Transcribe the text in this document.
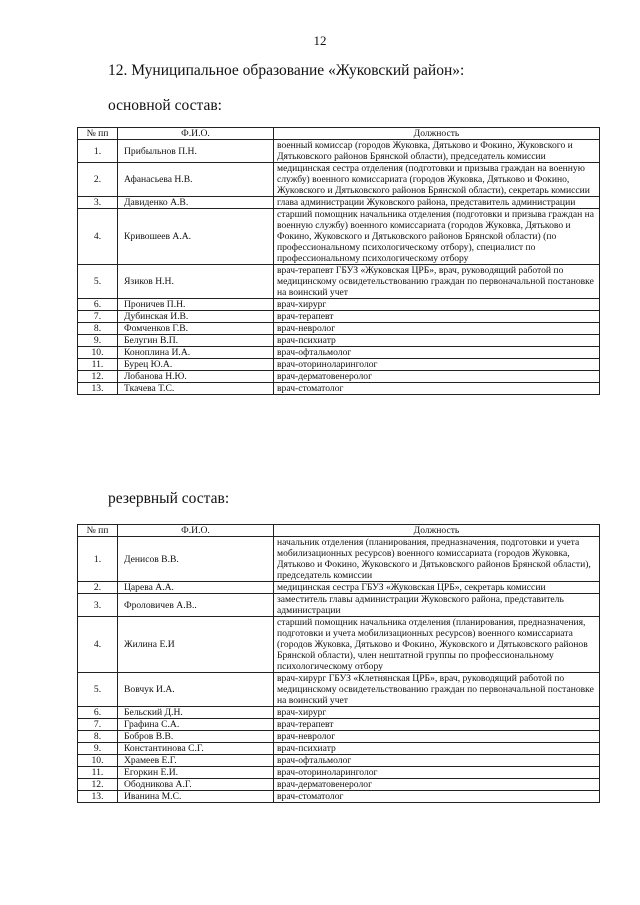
12
12. Муниципальное образование «Жуковский район»:
основной состав:
№ пп	Ф.И.О.	Должность
1.	Прибыльнов П.Н.	военный комиссар (городов Жуковка, Дятьково и Фокино, Жуковского и Дятьковского районов Брянской области), председатель комиссии
2.	Афанасьева Н.В.	медицинская сестра отделения (подготовки и призыва граждан на военную службу) военного комиссариата (городов Жуковка, Дятьково и Фокино, Жуковского и Дятьковского районов Брянской области), секретарь комиссии
3.	Давиденко А.В.	глава администрации Жуковского района, представитель администрации
4.	Кривошеев А.А.	старший помощник начальника отделения (подготовки и призыва граждан на военную службу) военного комиссариата (городов Жуковка, Дятьково и Фокино, Жуковского и Дятьковского районов Брянской области) (по профессиональному психологическому отбору), специалист по профессиональному психологическому отбору
5.	Язиков Н.Н.	врач-терапевт ГБУЗ «Жуковская ЦРБ», врач, руководящий работой по медицинскому освидетельствованию граждан по первоначальной постановке на воинский учет
6.	Проничев П.Н.	врач-хирург
7.	Дубинская И.В.	врач-терапевт
8.	Фомченков Г.В.	врач-невролог
9.	Белугин В.П.	врач-психиатр
10.	Коноплина И.А.	врач-офтальмолог
11.	Бурец Ю.А.	врач-оториноларинголог
12.	Лобанова Н.Ю.	врач-дерматовенеролог
13.	Ткачева Т.С.	врач-стоматолог
резервный состав:
№ пп	Ф.И.О.	Должность
1.	Денисов В.В.	начальник отделения (планирования, предназначения, подготовки и учета мобилизационных ресурсов) военного комиссариата (городов Жуковка, Дятьково и Фокино, Жуковского и Дятьковского районов Брянской области), председатель комиссии
2.	Царева А.А.	медицинская сестра ГБУЗ «Жуковская ЦРБ», секретарь комиссии
3.	Фроловичев А.В..	заместитель главы администрации Жуковского района, представитель администрации
4.	Жилина Е.И	старший помощник начальника отделения (планирования, предназначения, подготовки и учета мобилизационных ресурсов) военного комиссариата (городов Жуковка, Дятьково и Фокино, Жуковского и Дятьковского районов Брянской области), член нештатной группы по профессиональному психологическому отбору
5.	Вовчук И.А.	врач-хирург ГБУЗ «Клетнянская ЦРБ», врач, руководящий работой по медицинскому освидетельствованию граждан по первоначальной постановке на воинский учет
6.	Бельский Д.Н.	врач-хирург
7.	Графина С.А.	врач-терапевт
8.	Бобров В.В.	врач-невролог
9.	Константинова С.Г.	врач-психиатр
10.	Храмеев Е.Г.	врач-офтальмолог
11.	Егоркин Е.И.	врач-оториноларинголог
12.	Ободникова А.Г.	врач-дерматовенеролог
13.	Иванина М.С.	врач-стоматолог
